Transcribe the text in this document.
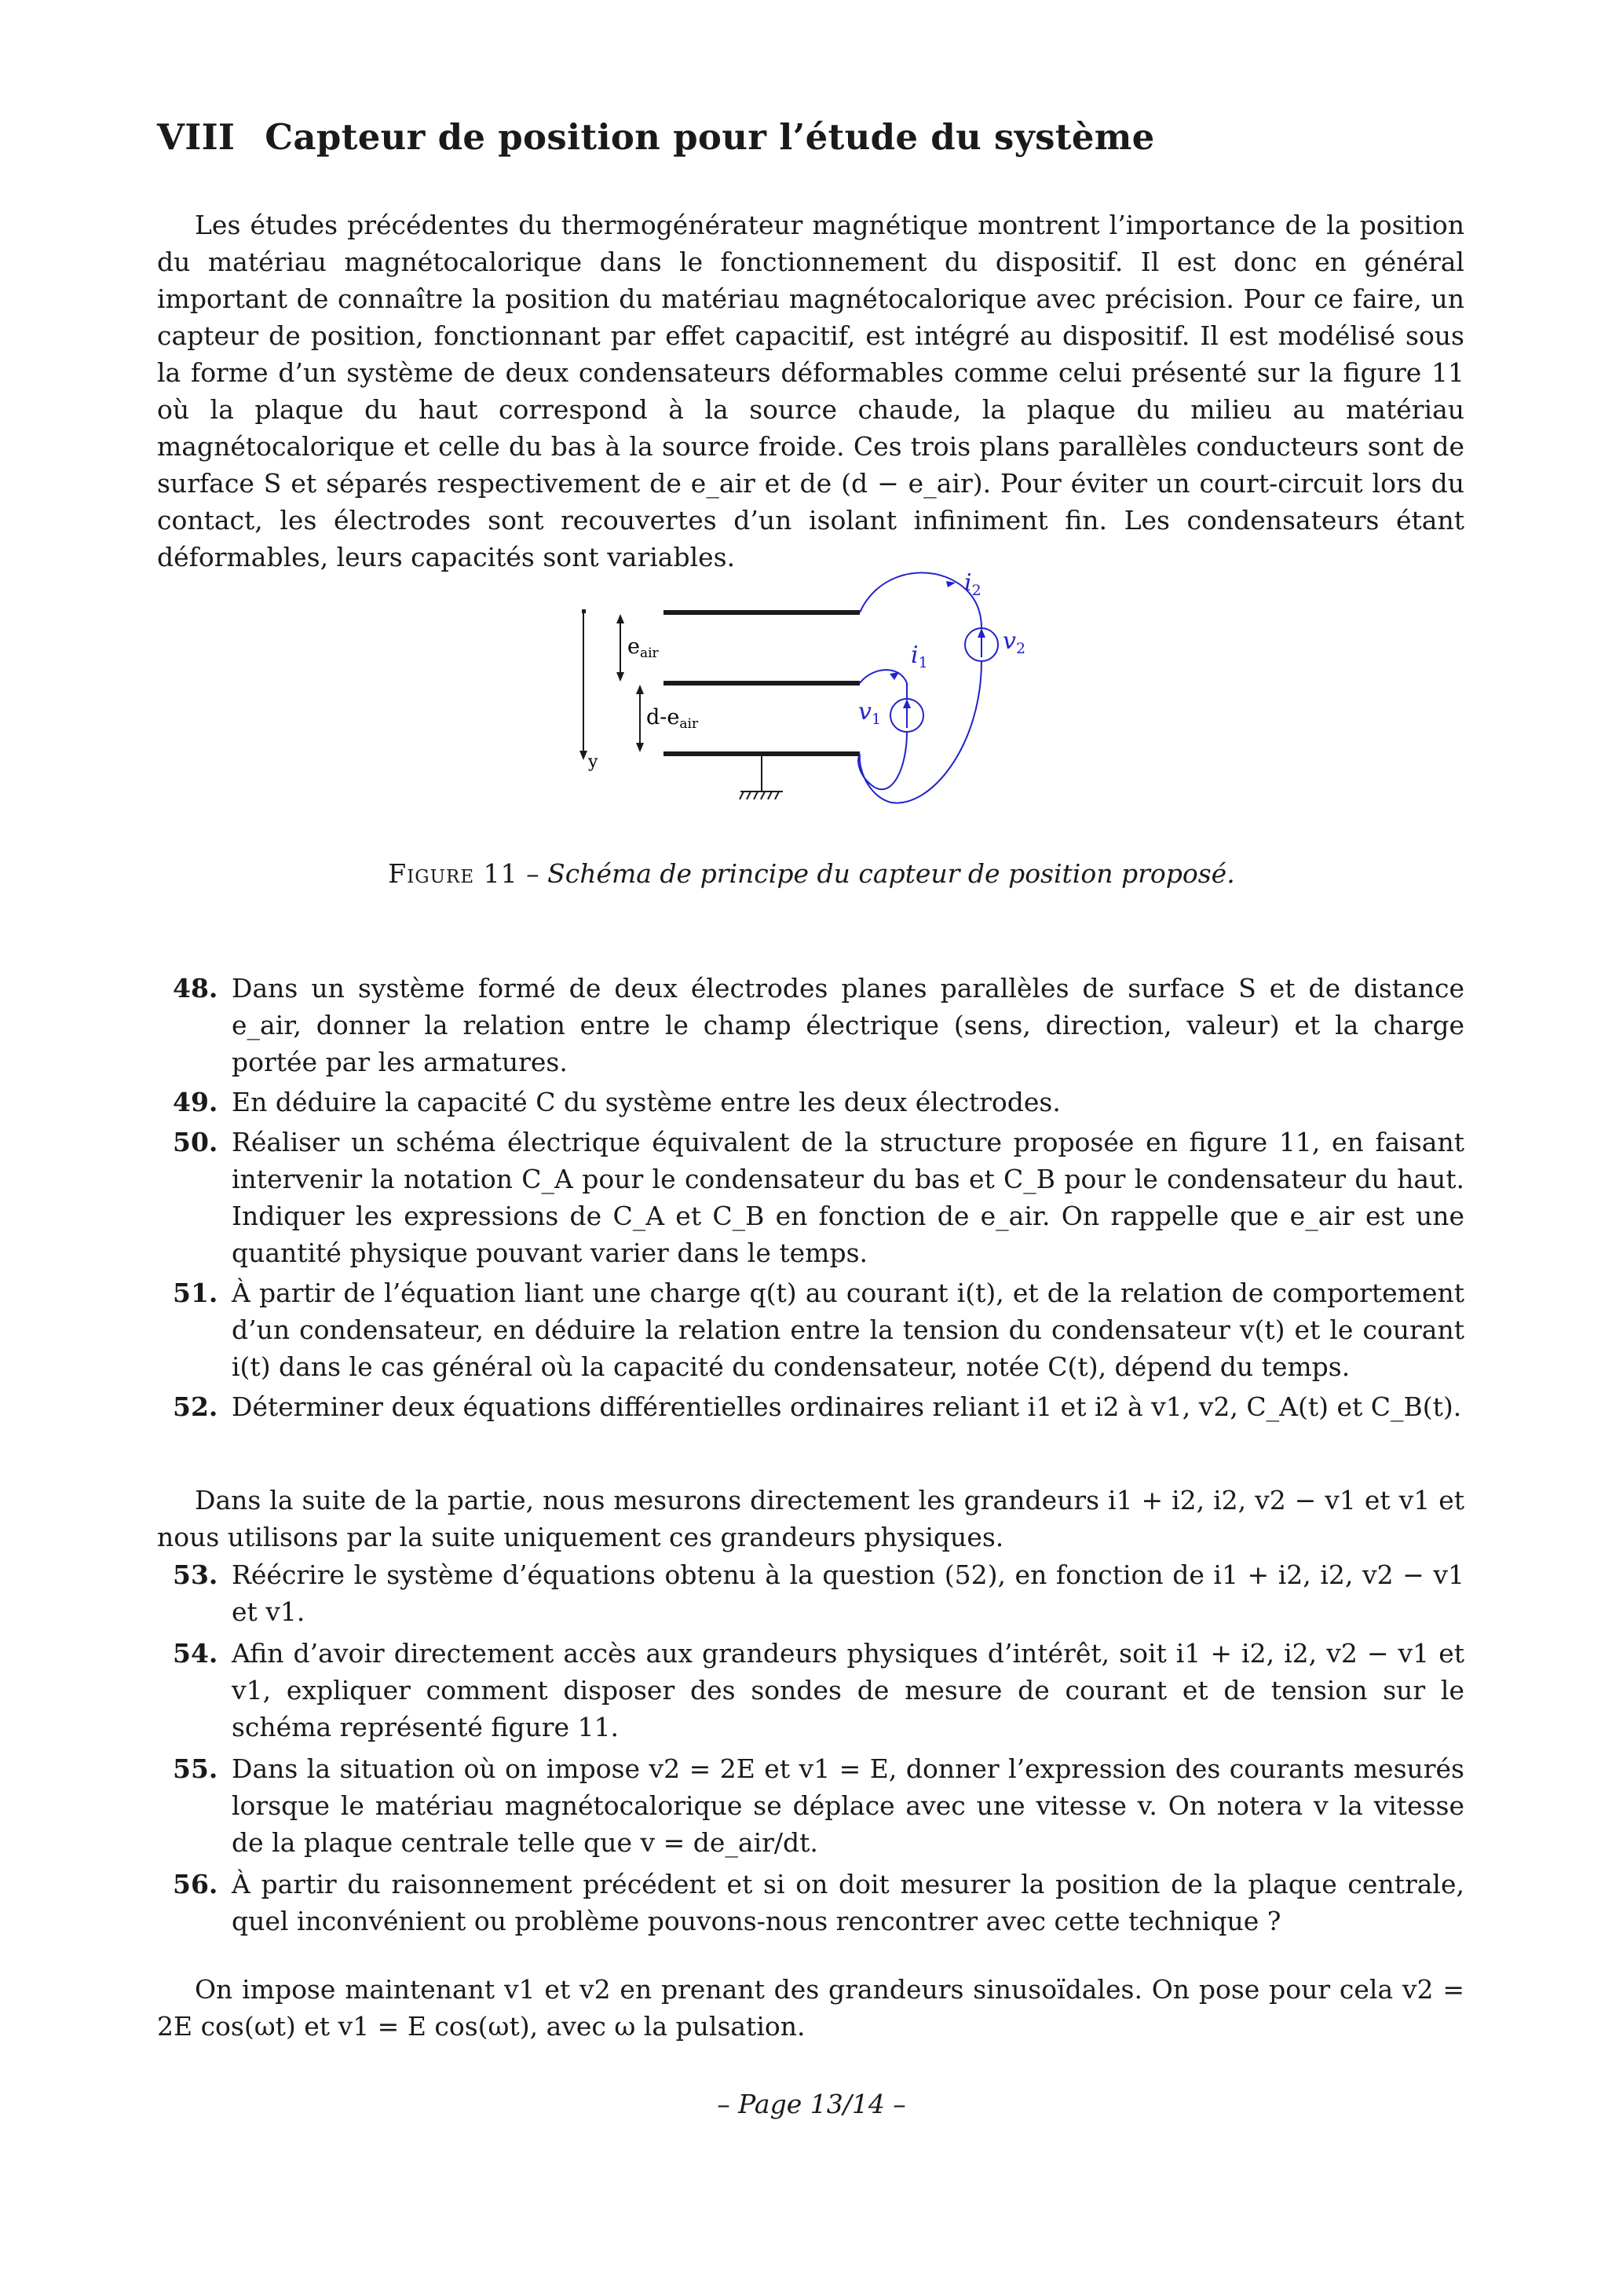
VIII Capteur de position pour l’étude du système

Les études précédentes du thermogénérateur magnétique montrent l’importance de la position du matériau magnétocalorique dans le fonctionnement du dispositif. Il est donc en général important de connaître la position du matériau magnétocalorique avec précision. Pour ce faire, un capteur de position, fonctionnant par effet capacitif, est intégré au dispositif. Il est modélisé sous la forme d’un système de deux condensateurs déformables comme celui présenté sur la figure 11 où la plaque du haut correspond à la source chaude, la plaque du milieu au matériau magnétocalorique et celle du bas à la source froide. Ces trois plans parallèles conducteurs sont de surface S et séparés respectivement de e_air et de (d − e_air). Pour éviter un court-circuit lors du contact, les électrodes sont recouvertes d’un isolant infiniment fin. Les condensateurs étant déformables, leurs capacités sont variables.

y
eair
d-eair
$i_2$
$i_1$
$v_1$
$v_2$

Figure 11 – Schéma de principe du capteur de position proposé.

48. Dans un système formé de deux électrodes planes parallèles de surface S et de distance e_air, donner la relation entre le champ électrique (sens, direction, valeur) et la charge portée par les armatures.
49. En déduire la capacité C du système entre les deux électrodes.
50. Réaliser un schéma électrique équivalent de la structure proposée en figure 11, en faisant intervenir la notation C_A pour le condensateur du bas et C_B pour le condensateur du haut. Indiquer les expressions de C_A et C_B en fonction de e_air. On rappelle que e_air est une quantité physique pouvant varier dans le temps.
51. À partir de l’équation liant une charge q(t) au courant i(t), et de la relation de comportement d’un condensateur, en déduire la relation entre la tension du condensateur v(t) et le courant i(t) dans le cas général où la capacité du condensateur, notée C(t), dépend du temps.
52. Déterminer deux équations différentielles ordinaires reliant i1 et i2 à v1, v2, C_A(t) et C_B(t).

Dans la suite de la partie, nous mesurons directement les grandeurs i1 + i2, i2, v2 − v1 et v1 et nous utilisons par la suite uniquement ces grandeurs physiques.

53. Réécrire le système d’équations obtenu à la question (52), en fonction de i1 + i2, i2, v2 − v1 et v1.
54. Afin d’avoir directement accès aux grandeurs physiques d’intérêt, soit i1 + i2, i2, v2 − v1 et v1, expliquer comment disposer des sondes de mesure de courant et de tension sur le schéma représenté figure 11.
55. Dans la situation où on impose v2 = 2E et v1 = E, donner l’expression des courants mesurés lorsque le matériau magnétocalorique se déplace avec une vitesse v. On notera v la vitesse de la plaque centrale telle que v = de_air/dt.
56. À partir du raisonnement précédent et si on doit mesurer la position de la plaque centrale, quel inconvénient ou problème pouvons-nous rencontrer avec cette technique ?

On impose maintenant v1 et v2 en prenant des grandeurs sinusoïdales. On pose pour cela v2 = 2E cos(ωt) et v1 = E cos(ωt), avec ω la pulsation.

– Page 13/14 –
